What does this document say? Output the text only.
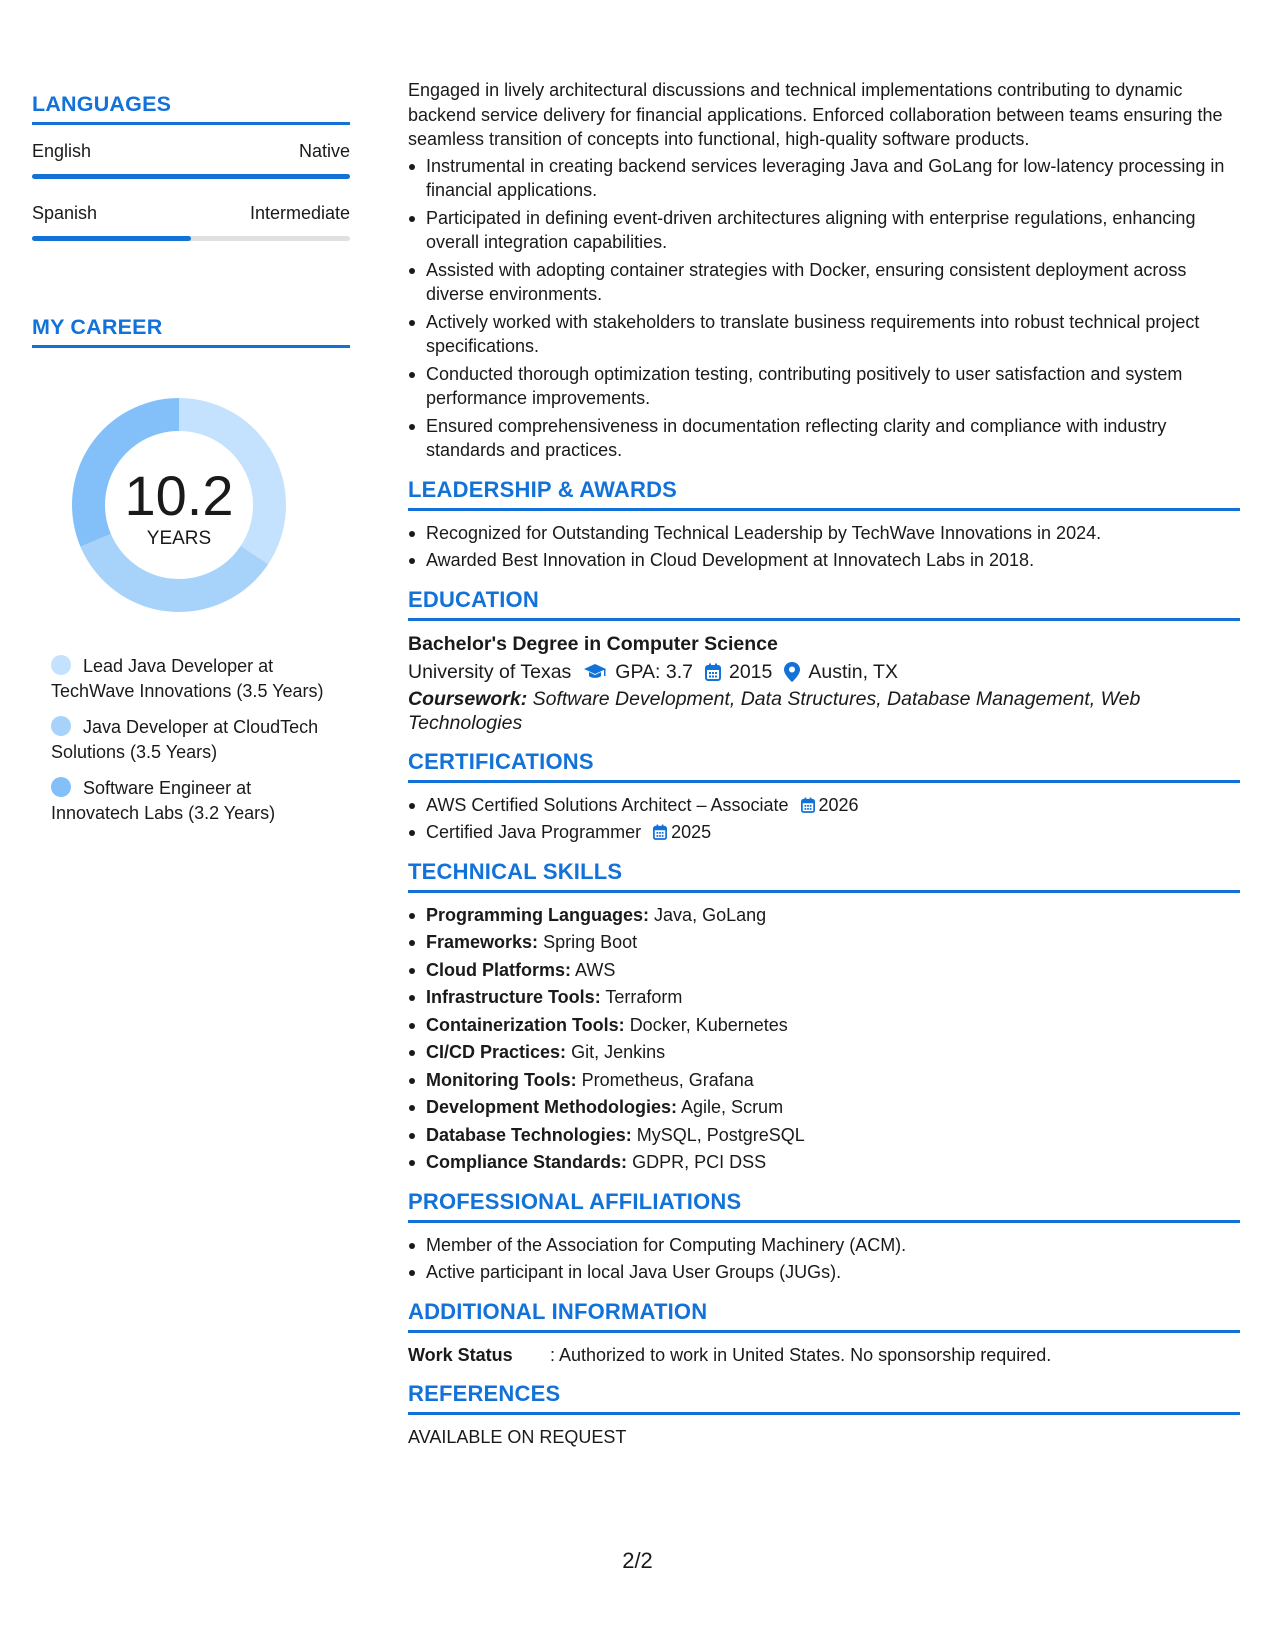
LANGUAGES
English	Native
Spanish	Intermediate
MY CAREER
10.2
YEARS
Lead Java Developer at TechWave Innovations (3.5 Years)
Java Developer at CloudTech Solutions (3.5 Years)
Software Engineer at Innovatech Labs (3.2 Years)

Engaged in lively architectural discussions and technical implementations contributing to dynamic backend service delivery for financial applications. Enforced collaboration between teams ensuring the seamless transition of concepts into functional, high-quality software products.

Instrumental in creating backend services leveraging Java and GoLang for low-latency processing in financial applications.
Participated in defining event-driven architectures aligning with enterprise regulations, enhancing overall integration capabilities.
Assisted with adopting container strategies with Docker, ensuring consistent deployment across diverse environments.
Actively worked with stakeholders to translate business requirements into robust technical project specifications.
Conducted thorough optimization testing, contributing positively to user satisfaction and system performance improvements.
Ensured comprehensiveness in documentation reflecting clarity and compliance with industry standards and practices.
LEADERSHIP & AWARDS
Recognized for Outstanding Technical Leadership by TechWave Innovations in 2024.
Awarded Best Innovation in Cloud Development at Innovatech Labs in 2018.
EDUCATION
Bachelor's Degree in Computer Science
University of Texas GPA: 3.7 2015 Austin, TX
Coursework: Software Development, Data Structures, Database Management, Web Technologies
CERTIFICATIONS
AWS Certified Solutions Architect – Associate 2026
Certified Java Programmer 2025
TECHNICAL SKILLS
Programming Languages: Java, GoLang
Frameworks: Spring Boot
Cloud Platforms: AWS
Infrastructure Tools: Terraform
Containerization Tools: Docker, Kubernetes
CI/CD Practices: Git, Jenkins
Monitoring Tools: Prometheus, Grafana
Development Methodologies: Agile, Scrum
Database Technologies: MySQL, PostgreSQL
Compliance Standards: GDPR, PCI DSS
PROFESSIONAL AFFILIATIONS
Member of the Association for Computing Machinery (ACM).
Active participant in local Java User Groups (JUGs).
ADDITIONAL INFORMATION
Work Status	: Authorized to work in United States. No sponsorship required.
REFERENCES
AVAILABLE ON REQUEST
2/2
